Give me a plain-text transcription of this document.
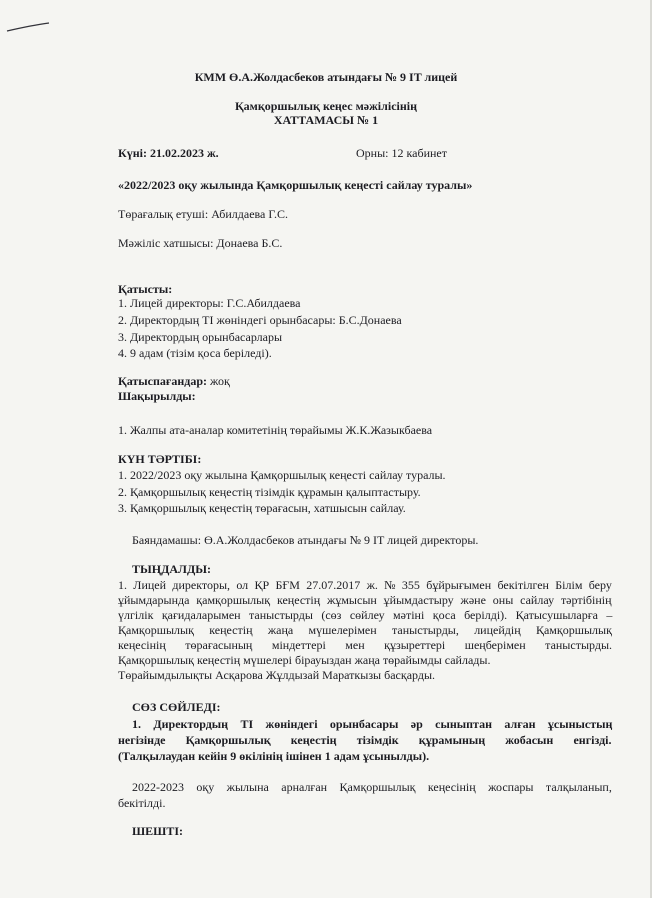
КММ Ө.А.Жолдасбеков атындағы № 9 IT лицей
Қамқоршылық кеңес мәжілісінің
ХАТТАМАСЫ № 1
Күні: 21.02.2023 ж.	Орны: 12 кабинет
«2022/2023 оқу жылында Қамқоршылық кеңесті сайлау туралы»
Төрағалық етуші: Абилдаева Г.С.
Мәжіліс хатшысы: Донаева Б.С.
Қатысты:
1. Лицей директоры: Г.С.Абилдаева
2. Директордың ТІ жөніндегі орынбасары: Б.С.Донаева
3. Директордың орынбасарлары
4. 9 адам (тізім қоса беріледі).
Қатыспағандар: жоқ
Шақырылды:
1. Жалпы ата-аналар комитетінің төрайымы Ж.К.Жазыкбаева
КҮН ТӘРТІБІ:
1. 2022/2023 оқу жылына Қамқоршылық кеңесті сайлау туралы.
2. Қамқоршылық кеңестің тізімдік құрамын қалыптастыру.
3. Қамқоршылық кеңестің төрағасын, хатшысын сайлау.
Баяндамашы: Ө.А.Жолдасбеков атындағы № 9 IT лицей директоры.
ТЫҢДАЛДЫ:
1. Лицей директоры, ол ҚР БҒМ 27.07.2017 ж. № 355 бұйрығымен бекітілген Білім беру
ұйымдарында қамқоршылық кеңестің жұмысын ұйымдастыру және оны сайлау тәртібінің
үлгілік қағидаларымен таныстырды (сөз сөйлеу мәтіні қоса берілді). Қатысушыларға –
Қамқоршылық кеңестің жаңа мүшелерімен таныстырды, лицейдің Қамқоршылық
кеңесінің төрағасының міндеттері мен құзыреттері шеңберімен таныстырды.
Қамқоршылық кеңестің мүшелері бірауыздан жаңа төрайымды сайлады.
Төрайымдылықты Асқарова Жұлдызай Мараткызы басқарды.
СӨЗ СӨЙЛЕДІ:
1. Директордың ТІ жөніндегі орынбасары әр сыныптан алған ұсыныстың
негізінде Қамқоршылық кеңестің тізімдік құрамының жобасын енгізді.
(Талқылаудан кейін 9 өкілінің ішінен 1 адам ұсынылды).
2022-2023 оқу жылына арналған Қамқоршылық кеңесінің жоспары талқыланып,
бекітілді.
ШЕШТІ:
